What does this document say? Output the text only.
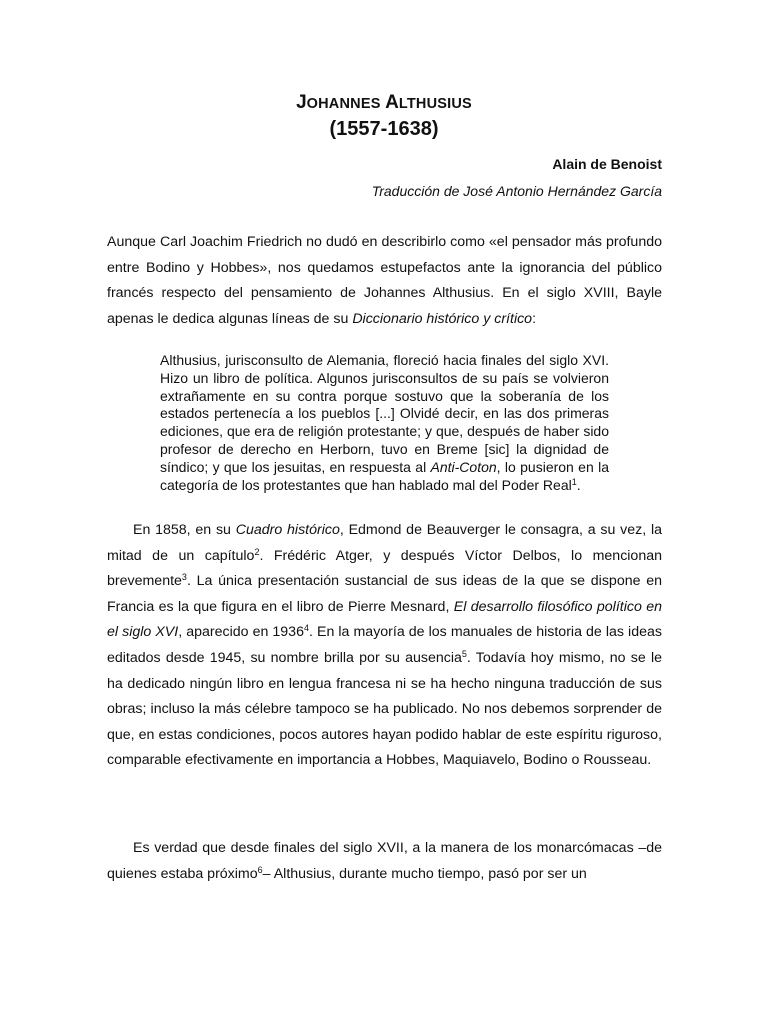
JOHANNES ALTHUSIUS
(1557-1638)
Alain de Benoist
Traducción de José Antonio Hernández García

Aunque Carl Joachim Friedrich no dudó en describirlo como «el pensador más profundo entre Bodino y Hobbes», nos quedamos estupefactos ante la ignorancia del público francés respecto del pensamiento de Johannes Althusius. En el siglo XVIII, Bayle apenas le dedica algunas líneas de su Diccionario histórico y crítico:

Althusius, jurisconsulto de Alemania, floreció hacia finales del siglo XVI. Hizo un libro de política. Algunos jurisconsultos de su país se volvieron extrañamente en su contra porque sostuvo que la soberanía de los estados pertenecía a los pueblos [...] Olvidé decir, en las dos primeras ediciones, que era de religión protestante; y que, después de haber sido profesor de derecho en Herborn, tuvo en Breme [sic] la dignidad de síndico; y que los jesuitas, en respuesta al Anti-Coton, lo pusieron en la categoría de los protestantes que han hablado mal del Poder Real$^1$.

En 1858, en su Cuadro histórico, Edmond de Beauverger le consagra, a su vez, la mitad de un capítulo$^2$. Frédéric Atger, y después Víctor Delbos, lo mencionan brevemente$^3$. La única presentación sustancial de sus ideas de la que se dispone en Francia es la que figura en el libro de Pierre Mesnard, El desarrollo filosófico político en el siglo XVI, aparecido en 1936$^4$. En la mayoría de los manuales de historia de las ideas editados desde 1945, su nombre brilla por su ausencia$^5$. Todavía hoy mismo, no se le ha dedicado ningún libro en lengua francesa ni se ha hecho ninguna traducción de sus obras; incluso la más célebre tampoco se ha publicado. No nos debemos sorprender de que, en estas condiciones, pocos autores hayan podido hablar de este espíritu riguroso, comparable efectivamente en importancia a Hobbes, Maquiavelo, Bodino o Rousseau.

Es verdad que desde finales del siglo XVII, a la manera de los monarcómacas –de quienes estaba próximo$^6$– Althusius, durante mucho tiempo, pasó por ser un
